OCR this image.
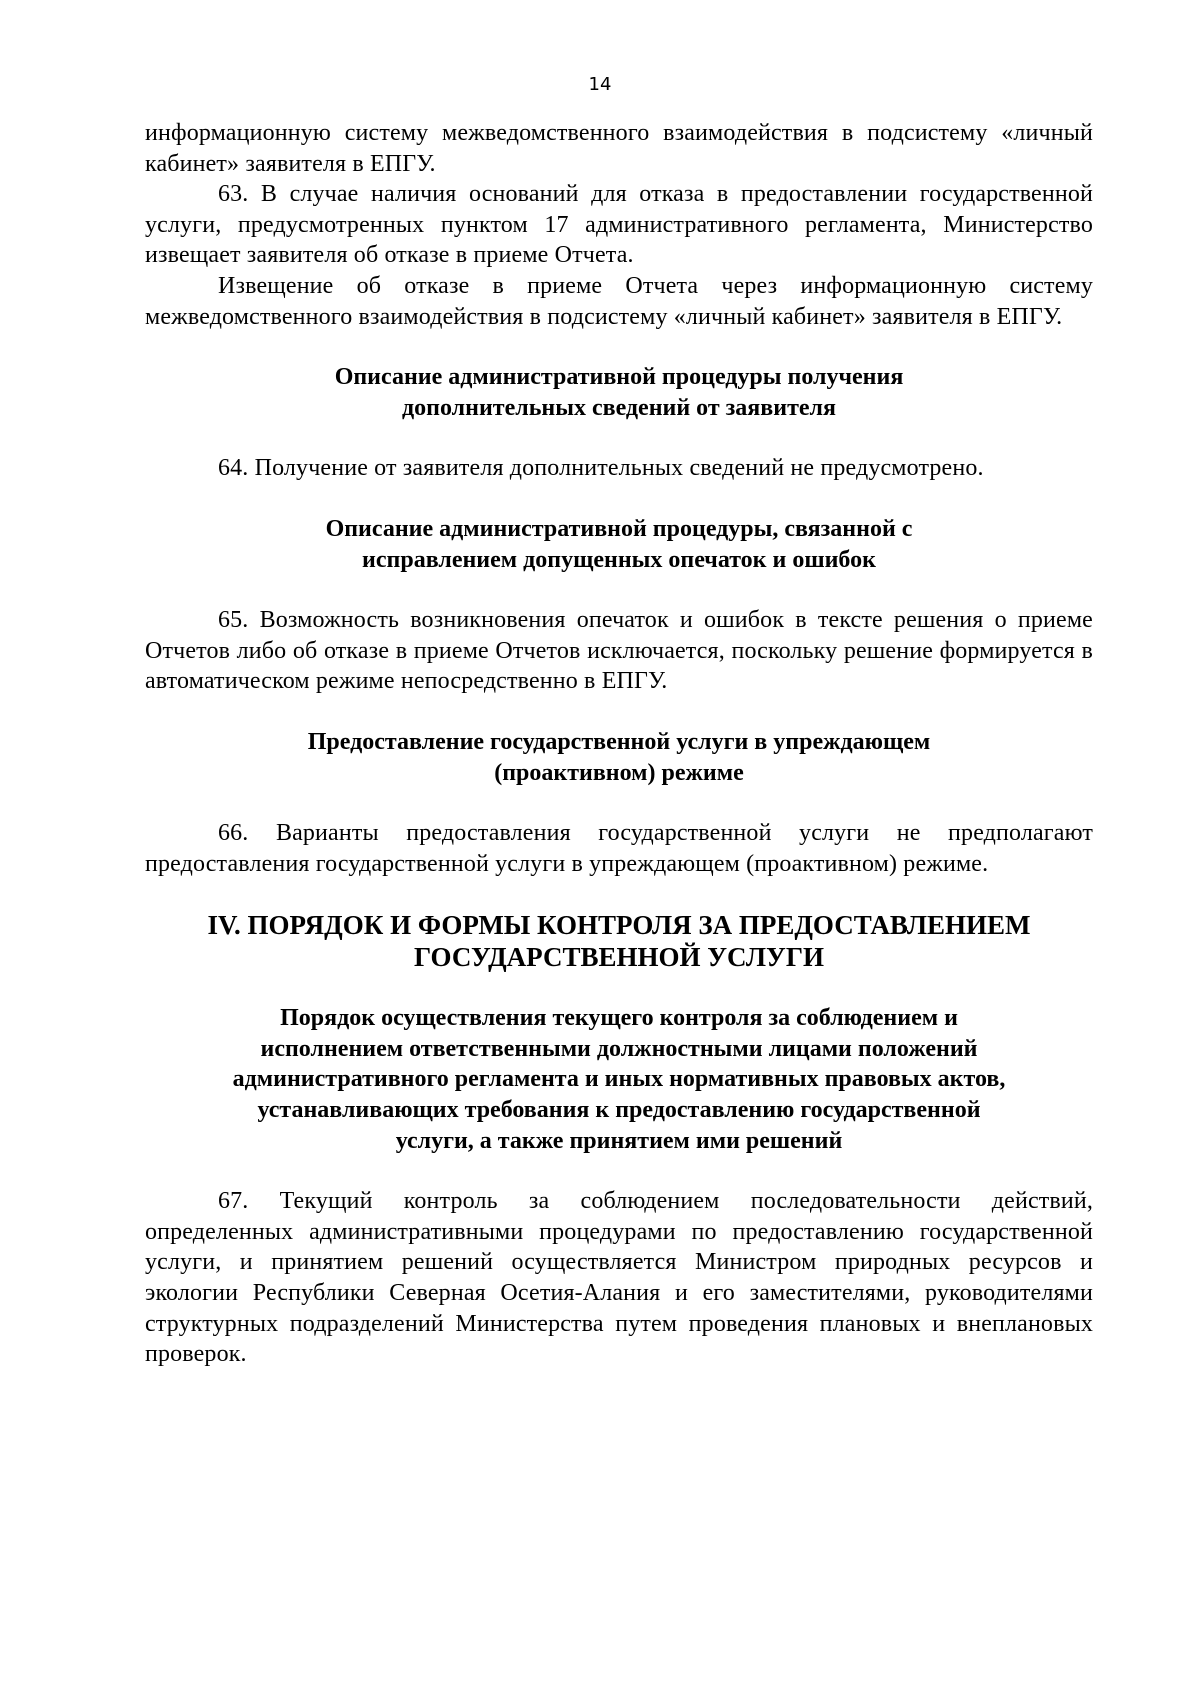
14

информационную систему межведомственного взаимодействия в подсистему «личный кабинет» заявителя в ЕПГУ.

63. В случае наличия оснований для отказа в предоставлении государственной услуги, предусмотренных пунктом 17 административного регламента, Министерство извещает заявителя об отказе в приеме Отчета.

Извещение об отказе в приеме Отчета через информационную систему межведомственного взаимодействия в подсистему «личный кабинет» заявителя в ЕПГУ.

Описание административной процедуры получения
дополнительных сведений от заявителя

64. Получение от заявителя дополнительных сведений не предусмотрено.

Описание административной процедуры, связанной с
исправлением допущенных опечаток и ошибок

65. Возможность возникновения опечаток и ошибок в тексте решения о приеме Отчетов либо об отказе в приеме Отчетов исключается, поскольку решение формируется в автоматическом режиме непосредственно в ЕПГУ.

Предоставление государственной услуги в упреждающем
(проактивном) режиме

66. Варианты предоставления государственной услуги не предполагают предоставления государственной услуги в упреждающем (проактивном) режиме.

IV. ПОРЯДОК И ФОРМЫ КОНТРОЛЯ ЗА ПРЕДОСТАВЛЕНИЕМ
ГОСУДАРСТВЕННОЙ УСЛУГИ
Порядок осуществления текущего контроля за соблюдением и
исполнением ответственными должностными лицами положений
административного регламента и иных нормативных правовых актов,
устанавливающих требования к предоставлению государственной
услуги, а также принятием ими решений

67. Текущий контроль за соблюдением последовательности действий, определенных административными процедурами по предоставлению государственной услуги, и принятием решений осуществляется Министром природных ресурсов и экологии Республики Северная Осетия-Алания и его заместителями, руководителями структурных подразделений Министерства путем проведения плановых и внеплановых проверок.
